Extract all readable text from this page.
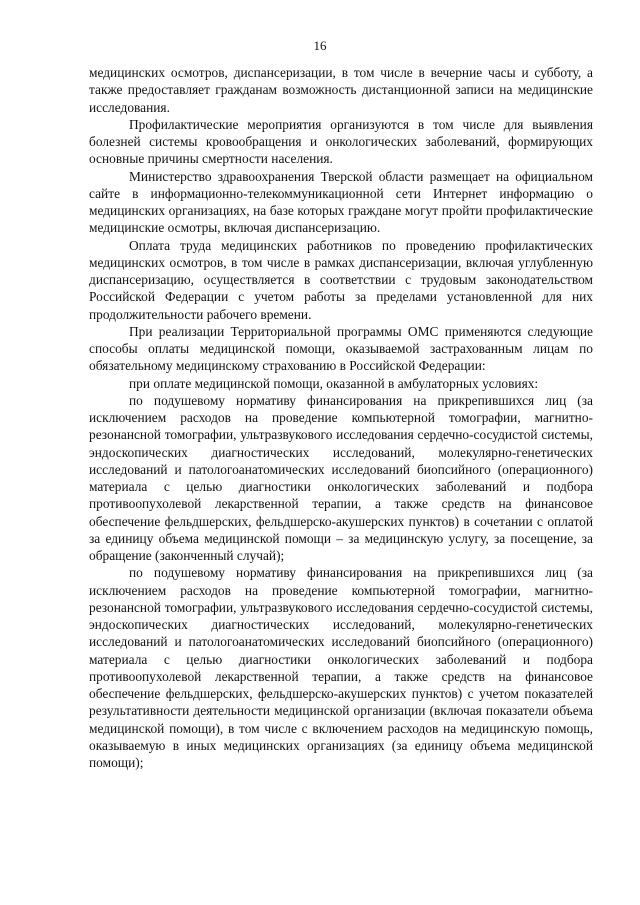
16

медицинских осмотров, диспансеризации, в том числе в вечерние часы и субботу, а также предоставляет гражданам возможность дистанционной записи на медицинские исследования.

Профилактические мероприятия организуются в том числе для выявления болезней системы кровообращения и онкологических заболеваний, формирующих основные причины смертности населения.

Министерство здравоохранения Тверской области размещает на официальном сайте в информационно-телекоммуникационной сети Интернет информацию о медицинских организациях, на базе которых граждане могут пройти профилактические медицинские осмотры, включая диспансеризацию.

Оплата труда медицинских работников по проведению профилактических медицинских осмотров, в том числе в рамках диспансеризации, включая углубленную диспансеризацию, осуществляется в соответствии с трудовым законодательством Российской Федерации с учетом работы за пределами установленной для них продолжительности рабочего времени.

При реализации Территориальной программы ОМС применяются следующие способы оплаты медицинской помощи, оказываемой застрахованным лицам по обязательному медицинскому страхованию в Российской Федерации:

при оплате медицинской помощи, оказанной в амбулаторных условиях:

по подушевому нормативу финансирования на прикрепившихся лиц (за исключением расходов на проведение компьютерной томографии, магнитно-резонансной томографии, ультразвукового исследования сердечно-сосудистой системы, эндоскопических диагностических исследований, молекулярно-генетических исследований и патологоанатомических исследований биопсийного (операционного) материала с целью диагностики онкологических заболеваний и подбора противоопухолевой лекарственной терапии, а также средств на финансовое обеспечение фельдшерских, фельдшерско-акушерских пунктов) в сочетании с оплатой за единицу объема медицинской помощи – за медицинскую услугу, за посещение, за обращение (законченный случай);

по подушевому нормативу финансирования на прикрепившихся лиц (за исключением расходов на проведение компьютерной томографии, магнитно-резонансной томографии, ультразвукового исследования сердечно-сосудистой системы, эндоскопических диагностических исследований, молекулярно-генетических исследований и патологоанатомических исследований биопсийного (операционного) материала с целью диагностики онкологических заболеваний и подбора противоопухолевой лекарственной терапии, а также средств на финансовое обеспечение фельдшерских, фельдшерско-акушерских пунктов) с учетом показателей результативности деятельности медицинской организации (включая показатели объема медицинской помощи), в том числе с включением расходов на медицинскую помощь, оказываемую в иных медицинских организациях (за единицу объема медицинской помощи);
